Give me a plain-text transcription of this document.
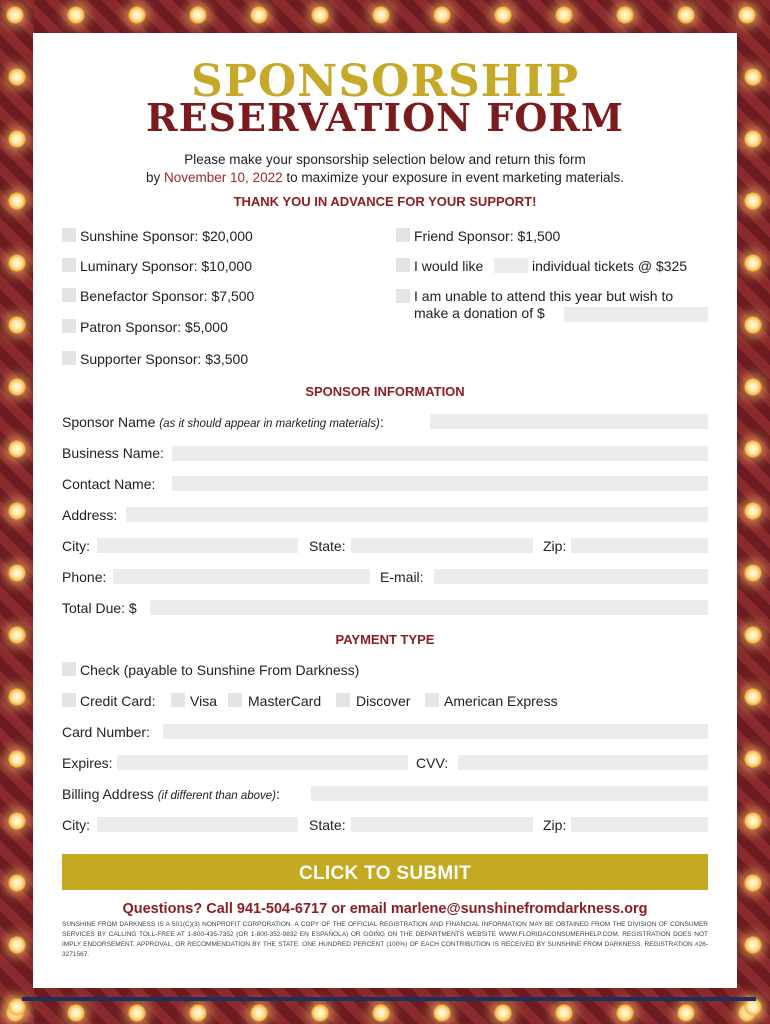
SPONSORSHIP
RESERVATION FORM
Please make your sponsorship selection below and return this form
by November 10, 2022 to maximize your exposure in event marketing materials.
THANK YOU IN ADVANCE FOR YOUR SUPPORT!
Sunshine Sponsor: $20,000
Luminary Sponsor: $10,000
Benefactor Sponsor: $7,500
Patron Sponsor: $5,000
Supporter Sponsor: $3,500
Friend Sponsor: $1,500
I would like	individual tickets @ $325
I am unable to attend this year but wish to
make a donation of $
SPONSOR INFORMATION
Sponsor Name (as it should appear in marketing materials):
Business Name:
Contact Name:
Address:
City:	State:	Zip:
Phone:	E-mail:
Total Due: $
PAYMENT TYPE
Check (payable to Sunshine From Darkness)
Credit Card: Visa MasterCard Discover American Express
Card Number:
Expires:	CVV:
Billing Address (if different than above):
City:	State:	Zip:
CLICK TO SUBMIT
Questions? Call 941-504-6717 or email marlene@sunshinefromdarkness.org
SUNSHINE FROM DARKNESS IS A 501(C)(3) NONPROFIT CORPORATION. A COPY OF THE OFFICIAL REGISTRATION AND FINANCIAL INFORMATION MAY BE OBTAINED FROM THE DIVISION OF CONSUMER SERVICES BY CALLING TOLL-FREE AT 1-800-435-7352 (OR 1-800-352-9832 EN ESPAÑOLA) OR GOING ON THE DEPARTMENTS WEBSITE WWW.FLORIDACONSUMERHELP.COM. REGISTRATION DOES NOT IMPLY ENDORSEMENT, APPROVAL, OR RECOMMENDATION BY THE STATE. ONE HUNDRED PERCENT (100%) OF EACH CONTRIBUTION IS RECEIVED BY SUNSHINE FROM DARKNESS. REGISTRATION #26-3271567.
